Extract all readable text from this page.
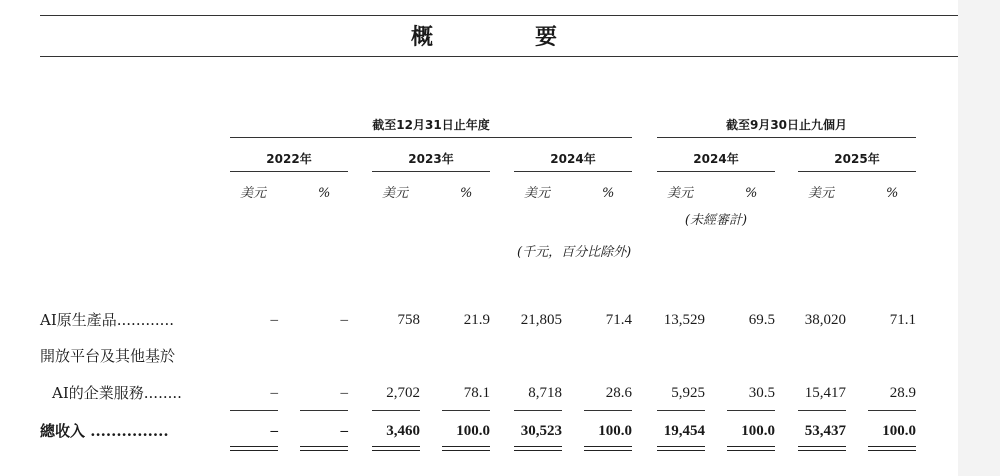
概　要
截至12月31日止年度	截至9月30日止九個月
2022年	2023年	2024年	2024年	2025年
美元	%	美元	%	美元	%	美元	%	美元	%
(未經審計)
(千元，百分比除外)
AI原生產品............	–	–	758	21.9	21,805	71.4	13,529	69.5	38,020	71.1
開放平台及其他基於
AI的企業服務........	–	–	2,702	78.1	8,718	28.6	5,925	30.5	15,417	28.9
總收入 ...............	–	–	3,460	100.0	30,523	100.0	19,454	100.0	53,437	100.0
